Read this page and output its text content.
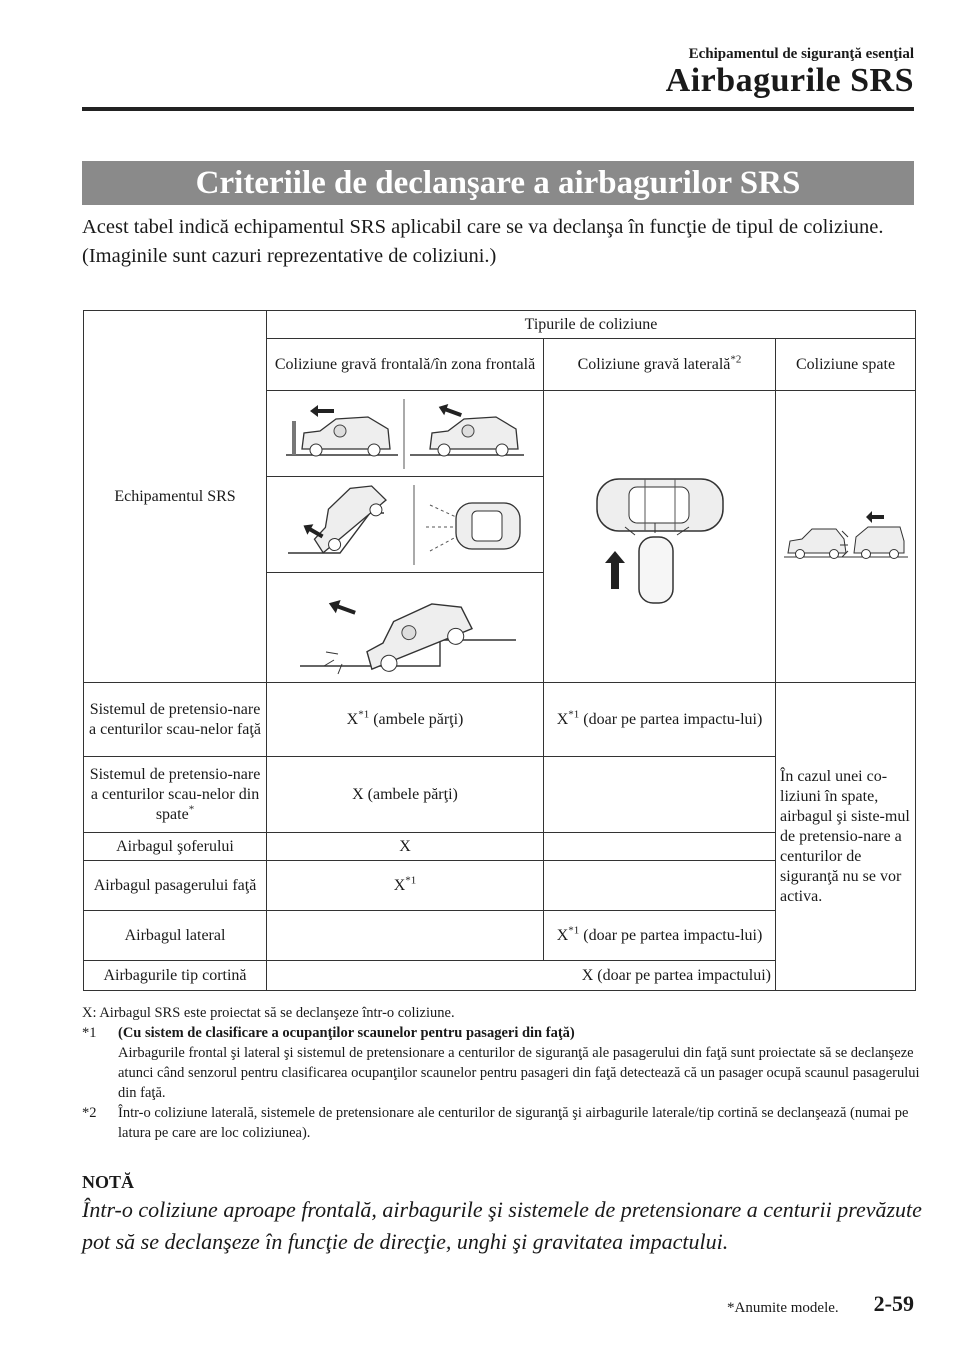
Echipamentul de siguranţă esenţial
Airbagurile SRS
Criteriile de declanşare a airbagurilor SRS
Acest tabel indică echipamentul SRS aplicabil care se va declanşa în funcţie de tipul de coliziune.
(Imaginile sunt cazuri reprezentative de coliziuni.)
Echipamentul SRS	Tipurile de coliziune		
	Coliziune gravă frontală/în zona frontală	Coliziune gravă laterală$^{*2}$	Coliziune spate

Sistemul de pretensio-nare a centurilor scau-nelor faţă	$X^{*1}$ (ambele părţi)	$X^{*1}$ (doar pe partea impactu-lui)	În cazul unei co-liziuni în spate, airbagul şi siste-mul de pretensio-nare a centurilor de siguranţă nu se vor activa.
Sistemul de pretensio-nare a centurilor scau-nelor din spate*	X (ambele părţi)		
Airbagul şoferului	X		
Airbagul pasagerului faţă	$X^{*1}$	
Airbagul lateral		$X^{*1}$ (doar pe partea impactu-lui)	
Airbagurile tip cortină	X (doar pe partea impactului)		
X: Airbagul SRS este proiectat să se declanşeze într-o coliziune.
*1 (Cu sistem de clasificare a ocupanţilor scaunelor pentru pasageri din faţă)
Airbagurile frontal şi lateral şi sistemul de pretensionare a centurilor de siguranţă ale pasagerului din faţă sunt proiectate să se declanşeze atunci când senzorul pentru clasificarea ocupanţilor scaunelor pentru pasageri din faţă detectează că un pasager ocupă scaunul pasagerului din faţă.
*2 Într-o coliziune laterală, sistemele de pretensionare ale centurilor de siguranţă şi airbagurile laterale/tip cortină se declanşează (numai pe latura pe care are loc coliziunea).
NOTĂ
Într-o coliziune aproape frontală, airbagurile şi sistemele de pretensionare a centurii prevăzute pot să se declanşeze în funcţie de direcţie, unghi şi gravitatea impactului.
*Anumite modele. 2-59
